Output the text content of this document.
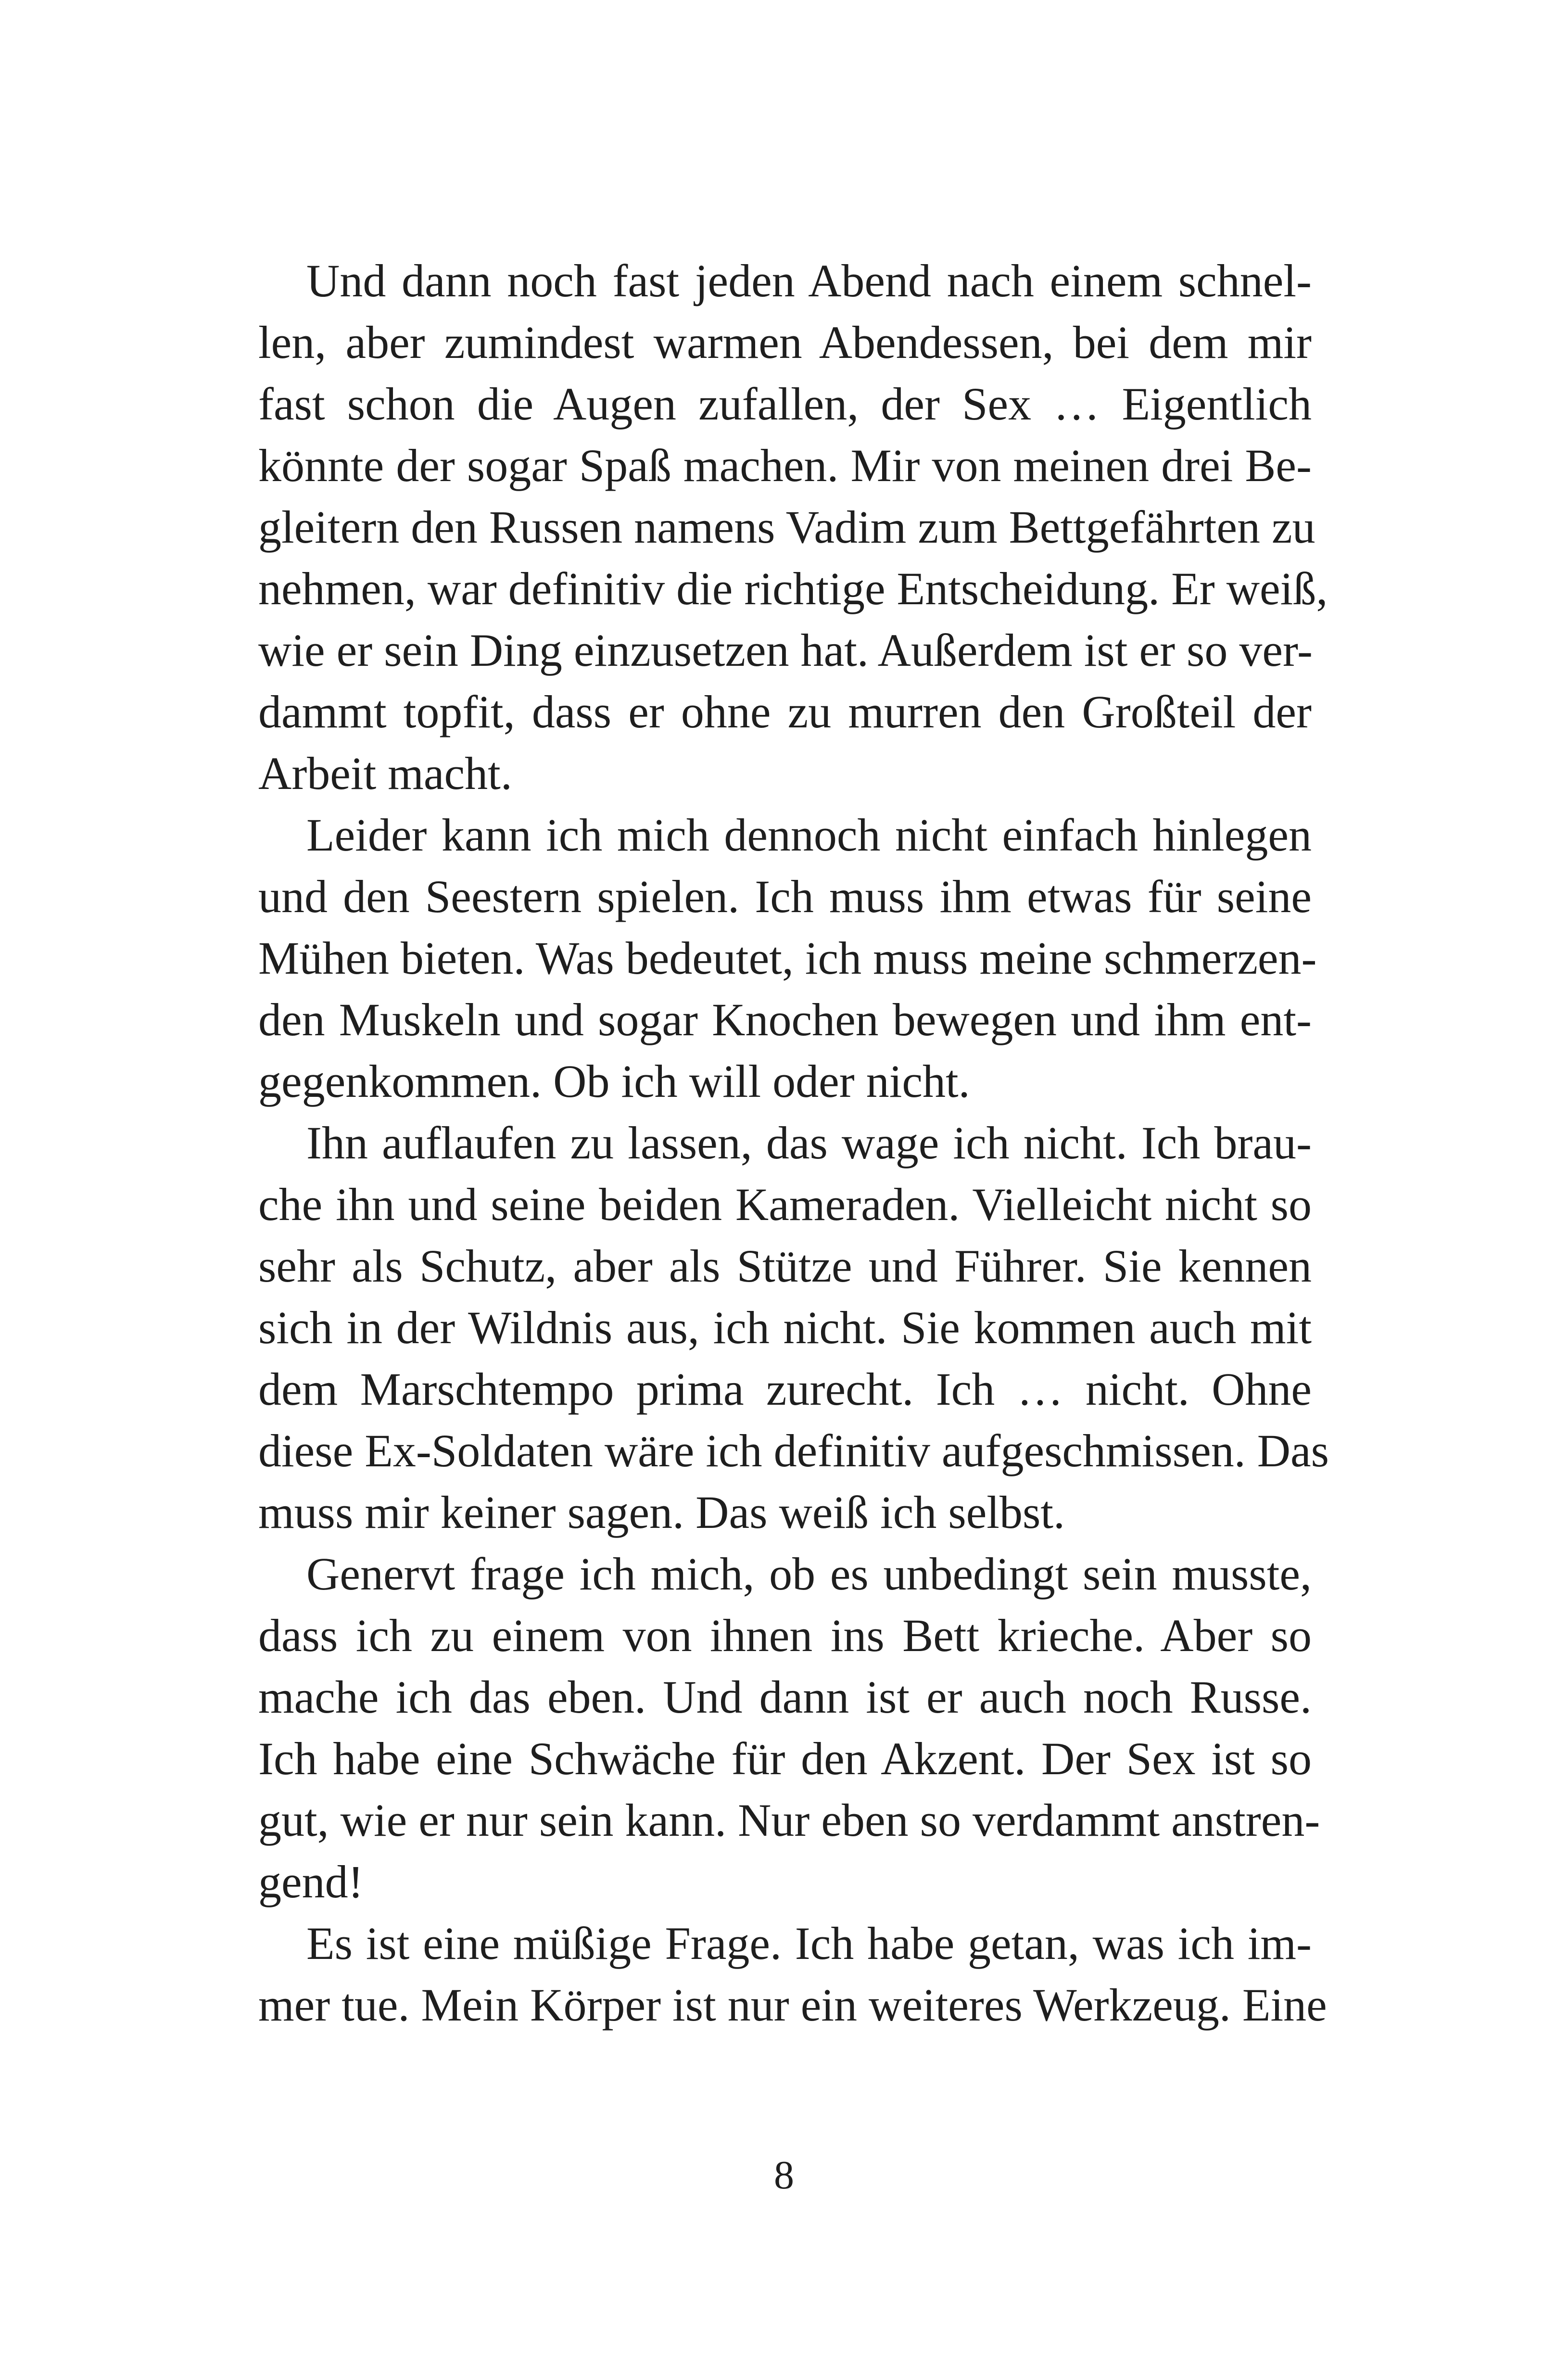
Und dann noch fast jeden Abend nach einem schnel-
len, aber zumindest warmen Abendessen, bei dem mir
fast schon die Augen zufallen, der Sex … Eigentlich
könnte der sogar Spaß machen. Mir von meinen drei Be-
gleitern den Russen namens Vadim zum Bettgefährten zu
nehmen, war definitiv die richtige Entscheidung. Er weiß,
wie er sein Ding einzusetzen hat. Außerdem ist er so ver-
dammt topfit, dass er ohne zu murren den Großteil der
Arbeit macht.
Leider kann ich mich dennoch nicht einfach hinlegen
und den Seestern spielen. Ich muss ihm etwas für seine
Mühen bieten. Was bedeutet, ich muss meine schmerzen-
den Muskeln und sogar Knochen bewegen und ihm ent-
gegenkommen. Ob ich will oder nicht.
Ihn auflaufen zu lassen, das wage ich nicht. Ich brau-
che ihn und seine beiden Kameraden. Vielleicht nicht so
sehr als Schutz, aber als Stütze und Führer. Sie kennen
sich in der Wildnis aus, ich nicht. Sie kommen auch mit
dem Marschtempo prima zurecht. Ich … nicht. Ohne
diese Ex-Soldaten wäre ich definitiv aufgeschmissen. Das
muss mir keiner sagen. Das weiß ich selbst.
Genervt frage ich mich, ob es unbedingt sein musste,
dass ich zu einem von ihnen ins Bett krieche. Aber so
mache ich das eben. Und dann ist er auch noch Russe.
Ich habe eine Schwäche für den Akzent. Der Sex ist so
gut, wie er nur sein kann. Nur eben so verdammt anstren-
gend!
Es ist eine müßige Frage. Ich habe getan, was ich im-
mer tue. Mein Körper ist nur ein weiteres Werkzeug. Eine
8
